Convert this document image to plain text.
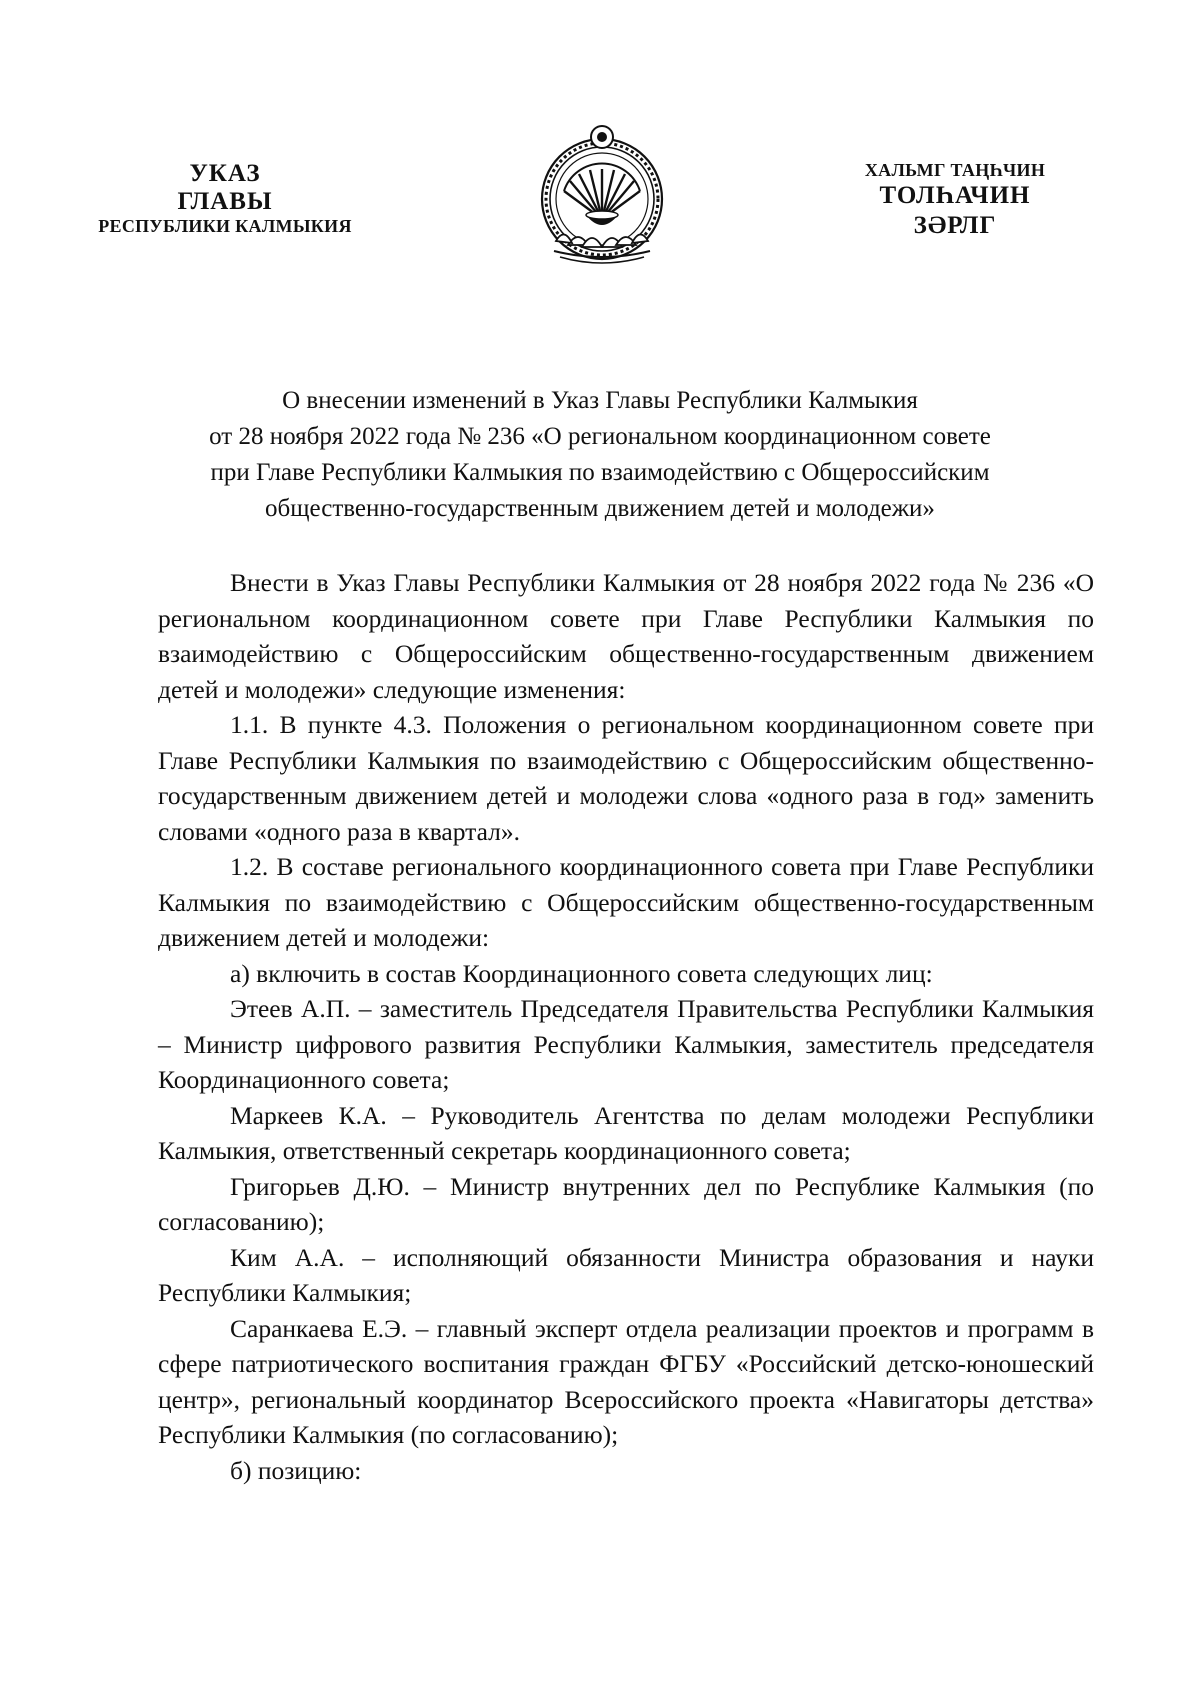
УКАЗ
ГЛАВЫ
РЕСПУБЛИКИ КАЛМЫКИЯ
ХАЛЬМГ ТАҢҺЧИН
ТОЛҺАЧИН
ЗӘРЛГ
О внесении изменений в Указ Главы Республики Калмыкия
от 28 ноября 2022 года № 236 «О региональном координационном совете
при Главе Республики Калмыкия по взаимодействию с Общероссийским
общественно-государственным движением детей и молодежи»

Внести в Указ Главы Республики Калмыкия от 28 ноября 2022 года № 236 «О региональном координационном совете при Главе Республики Калмыкия по взаимодействию с Общероссийским общественно-государственным движением детей и молодежи» следующие изменения:

1.1. В пункте 4.3. Положения о региональном координационном совете при Главе Республики Калмыкия по взаимодействию с Общероссийским общественно-государственным движением детей и молодежи слова «одного раза в год» заменить словами «одного раза в квартал».

1.2. В составе регионального координационного совета при Главе Республики Калмыкия по взаимодействию с Общероссийским общественно-государственным движением детей и молодежи:

а) включить в состав Координационного совета следующих лиц:

Этеев А.П. – заместитель Председателя Правительства Республики Калмыкия – Министр цифрового развития Республики Калмыкия, заместитель председателя Координационного совета;

Маркеев К.А. – Руководитель Агентства по делам молодежи Республики Калмыкия, ответственный секретарь координационного совета;

Григорьев Д.Ю. – Министр внутренних дел по Республике Калмыкия (по согласованию);

Ким А.А. – исполняющий обязанности Министра образования и науки Республики Калмыкия;

Саранкаева Е.Э. – главный эксперт отдела реализации проектов и программ в сфере патриотического воспитания граждан ФГБУ «Российский детско-юношеский центр», региональный координатор Всероссийского проекта «Навигаторы детства» Республики Калмыкия (по согласованию);

б) позицию:
